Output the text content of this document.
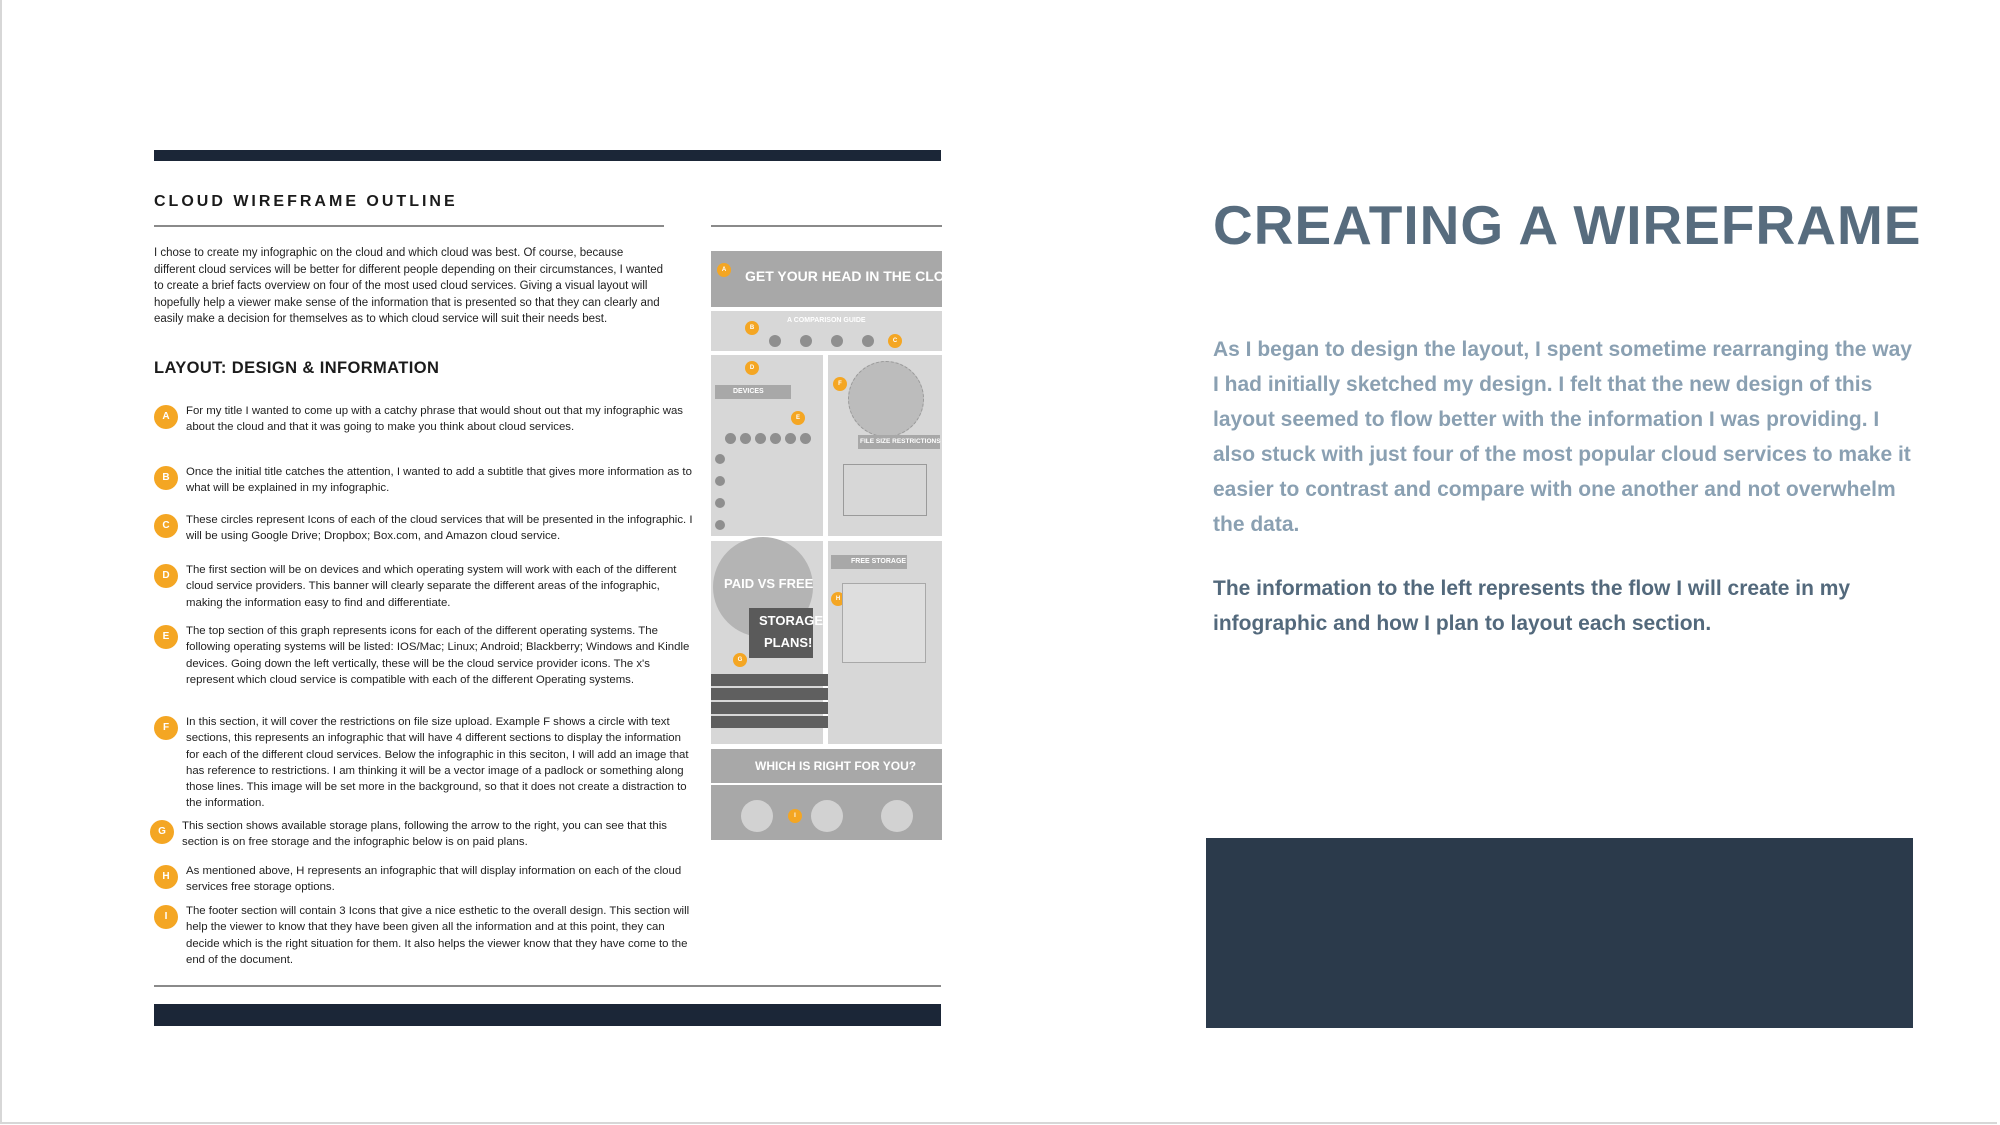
CLOUD WIREFRAME OUTLINE

I chose to create my infographic on the cloud and which cloud was best. Of course, because different cloud services will be better for different people depending on their circumstances, I wanted to create a brief facts overview on four of the most used cloud services. Giving a visual layout will hopefully help a viewer make sense of the information that is presented so that they can clearly and easily make a decision for themselves as to which cloud service will suit their needs best.

LAYOUT: DESIGN & INFORMATION
A	For my title I wanted to come up with a catchy phrase that would shout out that my infographic was about the cloud and that it was going to make you think about cloud services.

B	Once the initial title catches the attention, I wanted to add a subtitle that gives more information as to what will be explained in my infographic.

C	These circles represent Icons of each of the cloud services that will be presented in the infographic. I will be using Google Drive; Dropbox; Box.com, and Amazon cloud service.

D	The first section will be on devices and which operating system will work with each of the different cloud service providers. This banner will clearly separate the different areas of the infographic, making the information easy to find and differentiate.

E	The top section of this graph represents icons for each of the different operating systems. The following operating systems will be listed: IOS/Mac; Linux; Android; Blackberry; Windows and Kindle devices. Going down the left vertically, these will be the cloud service provider icons. The x's represent which cloud service is compatible with each of the different Operating systems.

F	In this section, it will cover the restrictions on file size upload. Example F shows a circle with text sections, this represents an infographic that will have 4 different sections to display the information for each of the different cloud services. Below the infographic in this seciton, I will add an image that has reference to restrictions. I am thinking it will be a vector image of a padlock or something along those lines. This image will be set more in the background, so that it does not create a distraction to the information.

G	This section shows available storage plans, following the arrow to the right, you can see that this section is on free storage and the infographic below is on paid plans.

H	As mentioned above, H represents an infographic that will display information on each of the cloud services free storage options.

I	The footer section will contain 3 Icons that give a nice esthetic to the overall design. This section will help the viewer to know that they have been given all the information and at this point, they can decide which is the right situation for them. It also helps the viewer know that they have come to the end of the document.

A	GET YOUR HEAD IN THE CLOUD
A COMPARISON GUIDE
B
C
D
DEVICES
E
F
FILE SIZE RESTRICTIONS
PAID VS FREE
STORAGE
PLANS!
G
FREE STORAGE
H
WHICH IS RIGHT FOR YOU?
I
CREATING A WIREFRAME

As I began to design the layout, I spent sometime rearranging the way I had initially sketched my design. I felt that the new design of this layout seemed to flow better with the information I was providing. I also stuck with just four of the most popular cloud services to make it easier to contrast and compare with one another and not overwhelm the data.

The information to the left represents the flow I will create in my infographic and how I plan to layout each section.
